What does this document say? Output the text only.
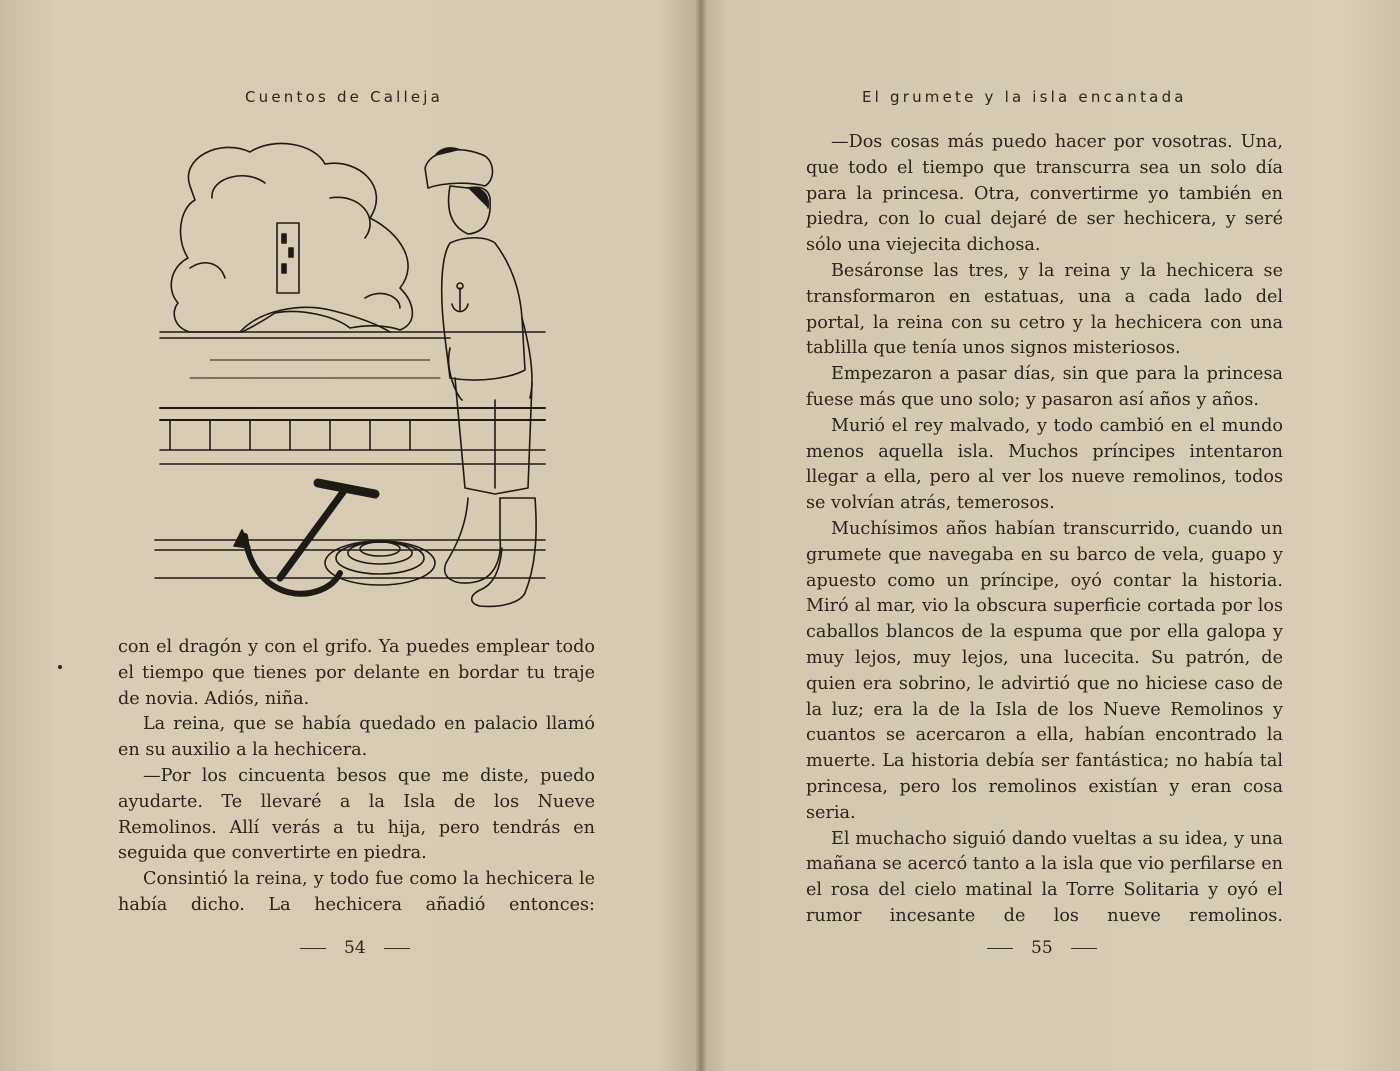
Cuentos de Calleja

con el dragón y con el grifo. Ya puedes emplear todo el tiempo que tienes por delante en bordar tu traje de novia. Adiós, niña.

La reina, que se había quedado en palacio llamó en su auxilio a la hechicera.

—Por los cincuenta besos que me diste, puedo ayudarte. Te llevaré a la Isla de los Nueve Remolinos. Allí verás a tu hija, pero tendrás en seguida que convertirte en piedra.

Consintió la reina, y todo fue como la hechicera le había dicho. La hechicera añadió entonces:

54
El grumete y la isla encantada

—Dos cosas más puedo hacer por vosotras. Una, que todo el tiempo que transcurra sea un solo día para la princesa. Otra, convertirme yo también en piedra, con lo cual dejaré de ser hechicera, y seré sólo una viejecita dichosa.

Besáronse las tres, y la reina y la hechicera se transformaron en estatuas, una a cada lado del portal, la reina con su cetro y la hechicera con una tablilla que tenía unos signos misteriosos.

Empezaron a pasar días, sin que para la princesa fuese más que uno solo; y pasaron así años y años.

Murió el rey malvado, y todo cambió en el mundo menos aquella isla. Muchos príncipes intentaron llegar a ella, pero al ver los nueve remolinos, todos se volvían atrás, temerosos.

Muchísimos años habían transcurrido, cuando un grumete que navegaba en su barco de vela, guapo y apuesto como un príncipe, oyó contar la historia. Miró al mar, vio la obscura superficie cortada por los caballos blancos de la espuma que por ella galopa y muy lejos, muy lejos, una lucecita. Su patrón, de quien era sobrino, le advirtió que no hiciese caso de la luz; era la de la Isla de los Nueve Remolinos y cuantos se acercaron a ella, habían encontrado la muerte. La historia debía ser fantástica; no había tal princesa, pero los remolinos existían y eran cosa seria.

El muchacho siguió dando vueltas a su idea, y una mañana se acercó tanto a la isla que vio perfilarse en el rosa del cielo matinal la Torre Solitaria y oyó el rumor incesante de los nueve remolinos.

55
